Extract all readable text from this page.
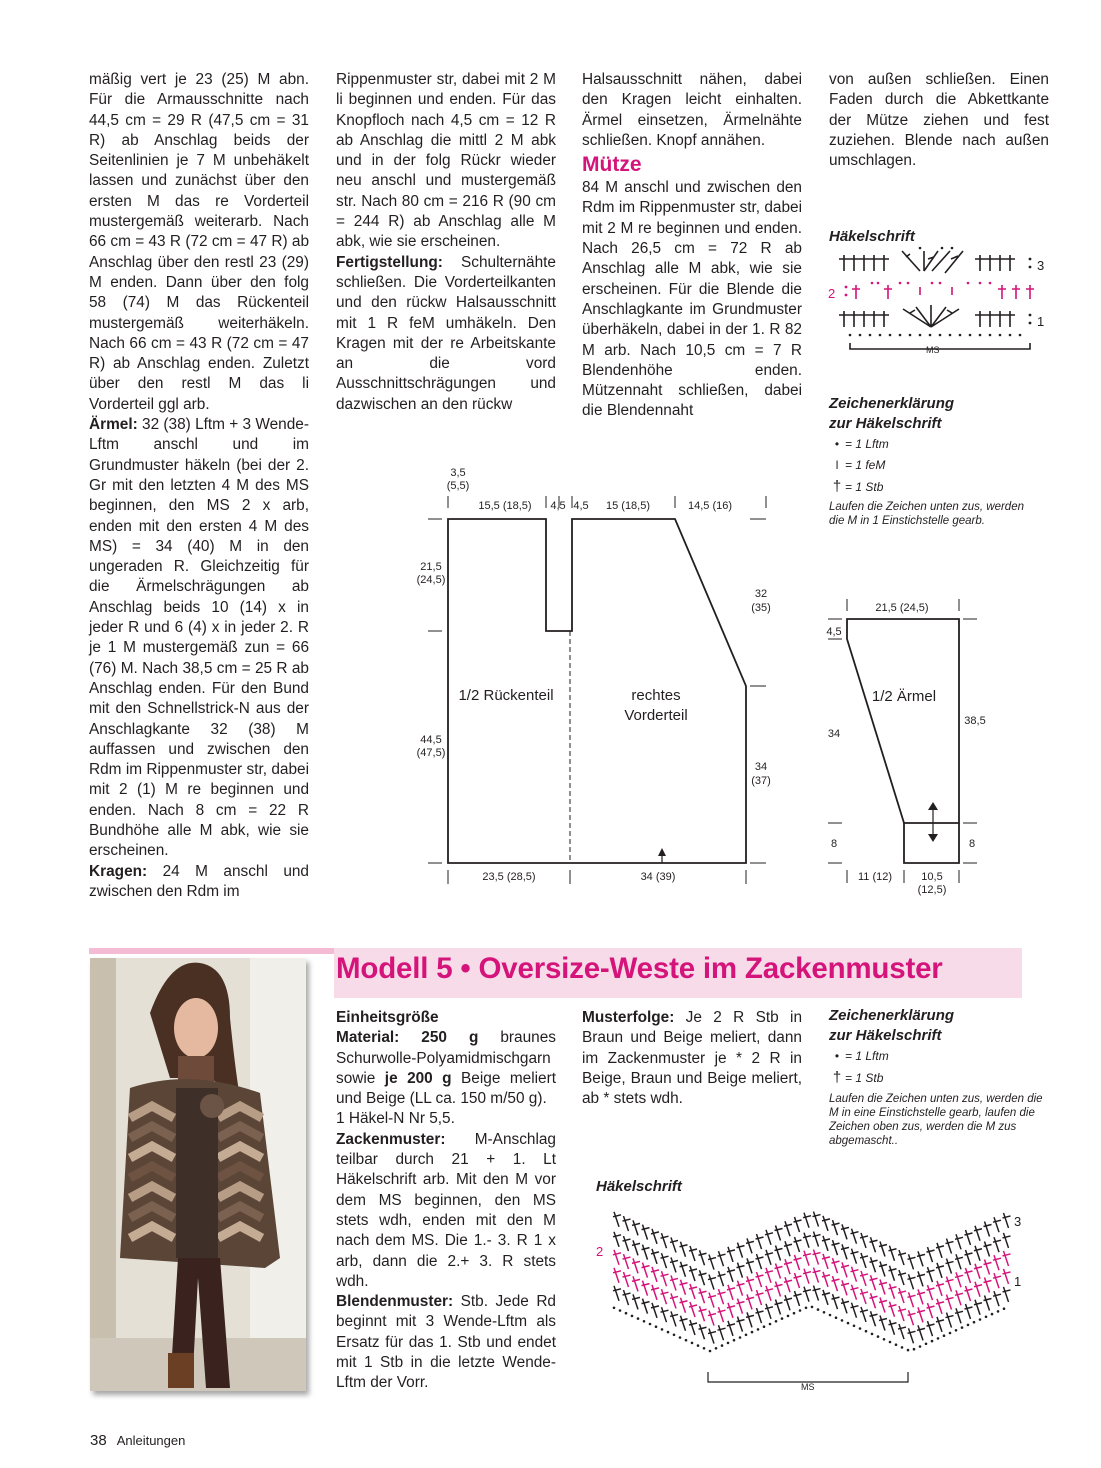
mäßig vert je 23 (25) M abn. Für die Armausschnitte nach 44,5 cm = 29 R (47,5 cm = 31 R) ab Anschlag beids der Seitenlinien je 7 M unbehäkelt lassen und zunächst über den ersten M das re Vorderteil mustergemäß weiterarb. Nach 66 cm = 43 R (72 cm = 47 R) ab Anschlag über den restl 23 (29) M enden. Dann über den folg 58 (74) M das Rückenteil mustergemäß weiterhäkeln. Nach 66 cm = 43 R (72 cm = 47 R) ab Anschlag enden. Zuletzt über den restl M das li Vorderteil ggl arb.

Ärmel: 32 (38) Lftm + 3 Wende-Lftm anschl und im Grundmuster häkeln (bei der 2. Gr mit den letzten 4 M des MS beginnen, den MS 2 x arb, enden mit den ersten 4 M des MS) = 34 (40) M in den ungeraden R. Gleichzeitig für die Ärmelschrägungen ab Anschlag beids 10 (14) x in jeder R und 6 (4) x in jeder 2. R je 1 M mustergemäß zun = 66 (76) M. Nach 38,5 cm = 25 R ab Anschlag enden. Für den Bund mit den Schnellstrick-N aus der Anschlagkante 32 (38) M auffassen und zwischen den Rdm im Rippenmuster str, dabei mit 2 (1) M re beginnen und enden. Nach 8 cm = 22 R Bundhöhe alle M abk, wie sie erscheinen.

Kragen: 24 M anschl und zwischen den Rdm im

Rippenmuster str, dabei mit 2 M li beginnen und enden. Für das Knopfloch nach 4,5 cm = 12 R ab Anschlag die mittl 2 M abk und in der folg Rückr wieder neu anschl und mustergemäß str. Nach 80 cm = 216 R (90 cm = 244 R) ab Anschlag alle M abk, wie sie erscheinen.

Fertigstellung: Schulternähte schließen. Die Vorderteilkanten und den rückw Halsausschnitt mit 1 R feM umhäkeln. Den Kragen mit der re Arbeitskante an die vord Ausschnittschrägungen und dazwischen an den rückw

Halsausschnitt nähen, dabei den Kragen leicht einhalten. Ärmel einsetzen, Ärmelnähte schließen. Knopf annähen.

Mütze

84 M anschl und zwischen den Rdm im Rippenmuster str, dabei mit 2 M re beginnen und enden. Nach 26,5 cm = 72 R ab Anschlag alle M abk, wie sie erscheinen. Für die Blende die Anschlagkante im Grundmuster überhäkeln, dabei in der 1. R 82 M arb. Nach 10,5 cm = 7 R Blendenhöhe enden. Mützennaht schließen, dabei die Blendennaht

von außen schließen. Einen Faden durch die Abkettkante der Mütze ziehen und fest zuziehen. Blende nach außen umschlagen.

Häkelschrift
3
2
1
MS
Zeichenerklärung
zur Häkelschrift
• = 1 Lftm
ǀ = 1 feM
† = 1 Stb
Laufen die Zeichen unten zus, werden die M in 1 Einstichstelle gearb.
3,5
(5,5)
15,5 (18,5) 4,5 4,5 15 (18,5)	14,5 (16)
21,5
(24,5)
44,5
(47,5)
32
(35)
34
(37)
23,5 (28,5)	34 (39)
1/2 Rückenteil	rechtes
Vorderteil
21,5 (24,5)
4,5
34
38,5
8	8
11 (12)	10,5
(12,5)
1/2 Ärmel
Modell 5 • Oversize-Weste im Zackenmuster

Einheitsgröße

Material: 250 g braunes Schurwolle-Polyamidmischgarn sowie je 200 g Beige meliert und Beige (LL ca. 150 m/50 g).

1 Häkel-N Nr 5,5.

Zackenmuster: M-Anschlag teilbar durch 21 + 1. Lt Häkelschrift arb. Mit den M vor dem MS beginnen, den MS stets wdh, enden mit den M nach dem MS. Die 1.- 3. R 1 x arb, dann die 2.+ 3. R stets wdh.

Blendenmuster: Stb. Jede Rd beginnt mit 3 Wende-Lftm als Ersatz für das 1. Stb und endet mit 1 Stb in die letzte Wende-Lftm der Vorr.

Musterfolge: Je 2 R Stb in Braun und Beige meliert, dann im Zackenmuster je * 2 R in Beige, Braun und Beige meliert, ab * stets wdh.

Zeichenerklärung
zur Häkelschrift
• = 1 Lftm
† = 1 Stb
Laufen die Zeichen unten zus, werden die M in eine Einstichstelle gearb, laufen die Zeichen oben zus, werden die M zus abgemascht..
Häkelschrift
MS
3
2
1
38 Anleitungen
